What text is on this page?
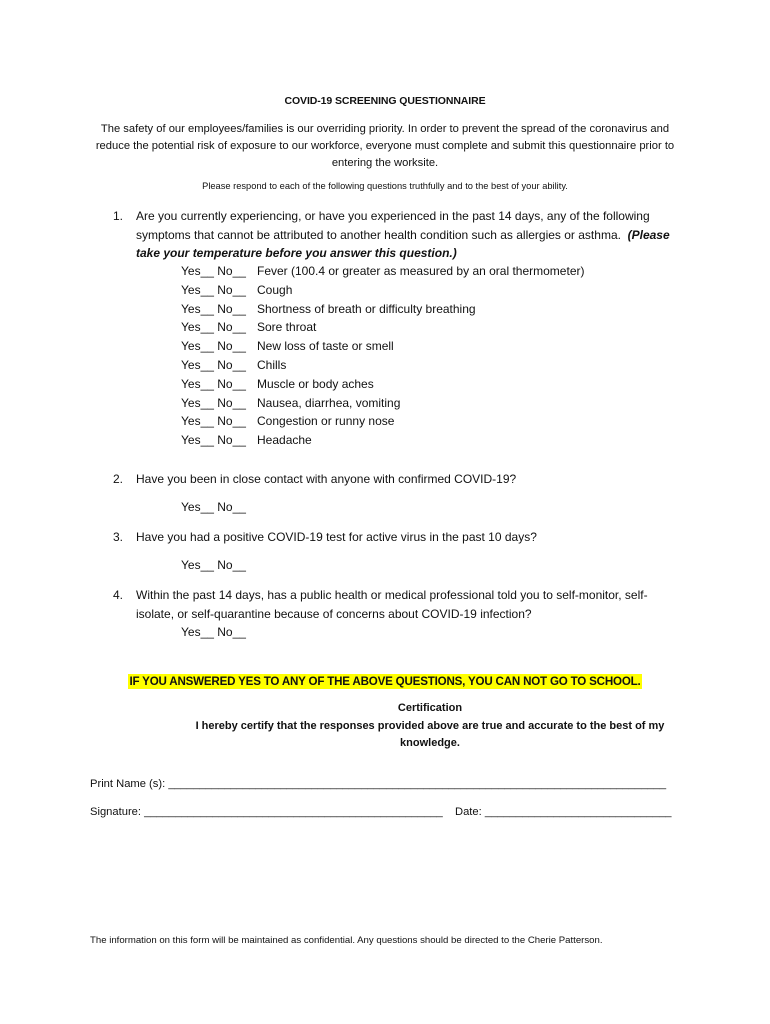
COVID-19 SCREENING QUESTIONNAIRE
The safety of our employees/families is our overriding priority. In order to prevent the spread of the coronavirus and reduce the potential risk of exposure to our workforce, everyone must complete and submit this questionnaire prior to entering the worksite.
Please respond to each of the following questions truthfully and to the best of your ability.
1. Are you currently experiencing, or have you experienced in the past 14 days, any of the following symptoms that cannot be attributed to another health condition such as allergies or asthma. (Please take your temperature before you answer this question.)
Yes__ No__ Fever (100.4 or greater as measured by an oral thermometer)
Yes__ No__ Cough
Yes__ No__ Shortness of breath or difficulty breathing
Yes__ No__ Sore throat
Yes__ No__ New loss of taste or smell
Yes__ No__ Chills
Yes__ No__ Muscle or body aches
Yes__ No__ Nausea, diarrhea, vomiting
Yes__ No__ Congestion or runny nose
Yes__ No__ Headache
2. Have you been in close contact with anyone with confirmed COVID-19?
Yes__ No__
3. Have you had a positive COVID-19 test for active virus in the past 10 days?
Yes__ No__
4. Within the past 14 days, has a public health or medical professional told you to self-monitor, self-isolate, or self-quarantine because of concerns about COVID-19 infection?
Yes__ No__
IF YOU ANSWERED YES TO ANY OF THE ABOVE QUESTIONS, YOU CAN NOT GO TO SCHOOL.
Certification
I hereby certify that the responses provided above are true and accurate to the best of my knowledge.
Print Name (s): ________________________________________________________________________________
Signature: ________________________________________________ Date: ______________________________
The information on this form will be maintained as confidential. Any questions should be directed to the Cherie Patterson.
